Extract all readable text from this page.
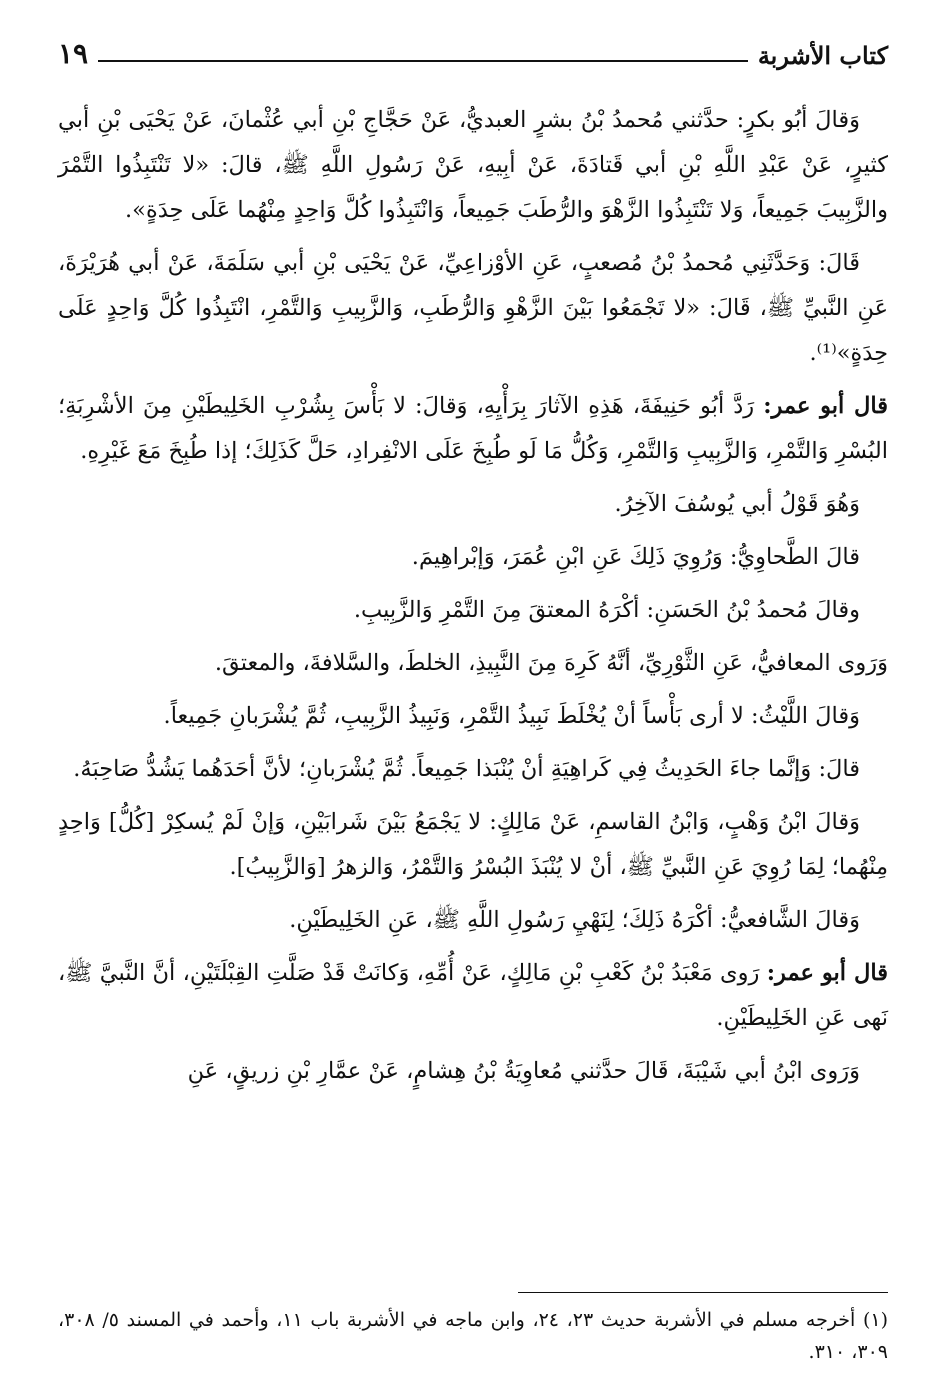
كتاب الأشربة
١٩

وَقالَ أبُو بكرٍ: حدَّثني مُحمدُ بْنُ بشرٍ العبديُّ، عَنْ حَجَّاجِ بْنِ أبي عُثْمانَ، عَنْ يَحْيَى بْنِ أبي كثيرٍ، عَنْ عَبْدِ اللَّهِ بْنِ أبي قَتادَةَ، عَنْ أبِيهِ، عَنْ رَسُولِ اللَّهِ ﷺ، قالَ: «لا تَنْتَبِذُوا التَّمْرَ والزَّبِيبَ جَمِيعاً، وَلا تَنْتَبِذُوا الزَّهْوَ والرُّطَبَ جَمِيعاً، وَانْتَبِذُوا كُلَّ وَاحِدٍ مِنْهُما عَلَى حِدَةٍ».

قَالَ: وَحَدَّثَنِي مُحمدُ بْنُ مُصعبٍ، عَنِ الأوْزاعِيِّ، عَنْ يَحْيَى بْنِ أبي سَلَمَةَ، عَنْ أبي هُرَيْرَةَ، عَنِ النَّبيِّ ﷺ، قَالَ: «لا تَجْمَعُوا بَيْنَ الزَّهْوِ وَالرُّطَبِ، وَالزَّبِيبِ وَالتَّمْرِ، انْتَبِذُوا كُلَّ وَاحِدٍ عَلَى حِدَةٍ»⁽¹⁾.

قال أبو عمر: رَدَّ أبُو حَنِيفَةَ، هَذِهِ الآثارَ بِرَأْيِهِ، وَقالَ: لا بَأْسَ بِشُرْبِ الخَلِيطَيْنِ مِنَ الأشْرِبَةِ؛ البُسْرِ وَالتَّمْرِ، وَالزَّبِيبِ وَالتَّمْرِ، وَكُلُّ مَا لَو طُبِخَ عَلَى الانْفِرادِ، حَلَّ كَذَلِكَ؛ إذا طُبِخَ مَعَ غَيْرِهِ.

وَهُوَ قَوْلُ أبي يُوسُفَ الآخِرُ.

قالَ الطَّحاوِيُّ: وَرُوِيَ ذَلِكَ عَنِ ابْنِ عُمَرَ، وَإبْراهِيمَ.

وقالَ مُحمدُ بْنُ الحَسَنِ: أكْرَهُ المعتقَ مِنَ التَّمْرِ وَالزَّبِيبِ.

وَرَوى المعافيُّ، عَنِ الثَّوْرِيِّ، أنَّهُ كَرِهَ مِنَ النَّبِيذِ، الخلطَ، والسَّلافةَ، والمعتقَ.

وَقالَ اللَّيْثُ: لا أرى بَأْساً أنْ يُخْلَطَ نَبِيذُ التَّمْرِ، وَنَبِيذُ الزَّبِيبِ، ثُمَّ يُشْرَبانِ جَمِيعاً.

قالَ: وَإنَّما جاءَ الحَدِيثُ فِي كَراهِيَةِ أنْ يُنْبَذا جَمِيعاً. ثُمَّ يُشْرَبانِ؛ لأنَّ أحَدَهُما يَشُدُّ صَاحِبَهُ.

وَقالَ ابْنُ وَهْبٍ، وَابْنُ القاسمِ، عَنْ مَالِكٍ: لا يَجْمَعُ بَيْنَ شَرابَيْنِ، وَإنْ لَمْ يُسكِرْ [كُلُّ] وَاحِدٍ مِنْهُما؛ لِمَا رُوِيَ عَنِ النَّبيِّ ﷺ، أنْ لا يُنْبَذَ البُسْرُ وَالتَّمْرُ، وَالزهرُ [وَالزَّبِيبُ].

وَقالَ الشَّافعيُّ: أكْرَهُ ذَلِكَ؛ لِنَهْيِ رَسُولِ اللَّهِ ﷺ، عَنِ الخَلِيطَيْنِ.

قال أبو عمر: رَوى مَعْبَدُ بْنُ كَعْبِ بْنِ مَالِكٍ، عَنْ أُمِّهِ، وَكانَتْ قَدْ صَلَّتِ القِبْلَتَيْنِ، أنَّ النَّبيَّ ﷺ، نَهى عَنِ الخَلِيطَيْنِ.

وَرَوى ابْنُ أبي شَيْبَةَ، قَالَ حدَّثني مُعاوِيَةُ بْنُ هِشامٍ، عَنْ عمَّارِ بْنِ زريقٍ، عَنِ

(١) أخرجه مسلم في الأشربة حديث ٢٣، ٢٤، وابن ماجه في الأشربة باب ١١، وأحمد في المسند ٥/ ٣٠٨، ٣٠٩، ٣١٠.
